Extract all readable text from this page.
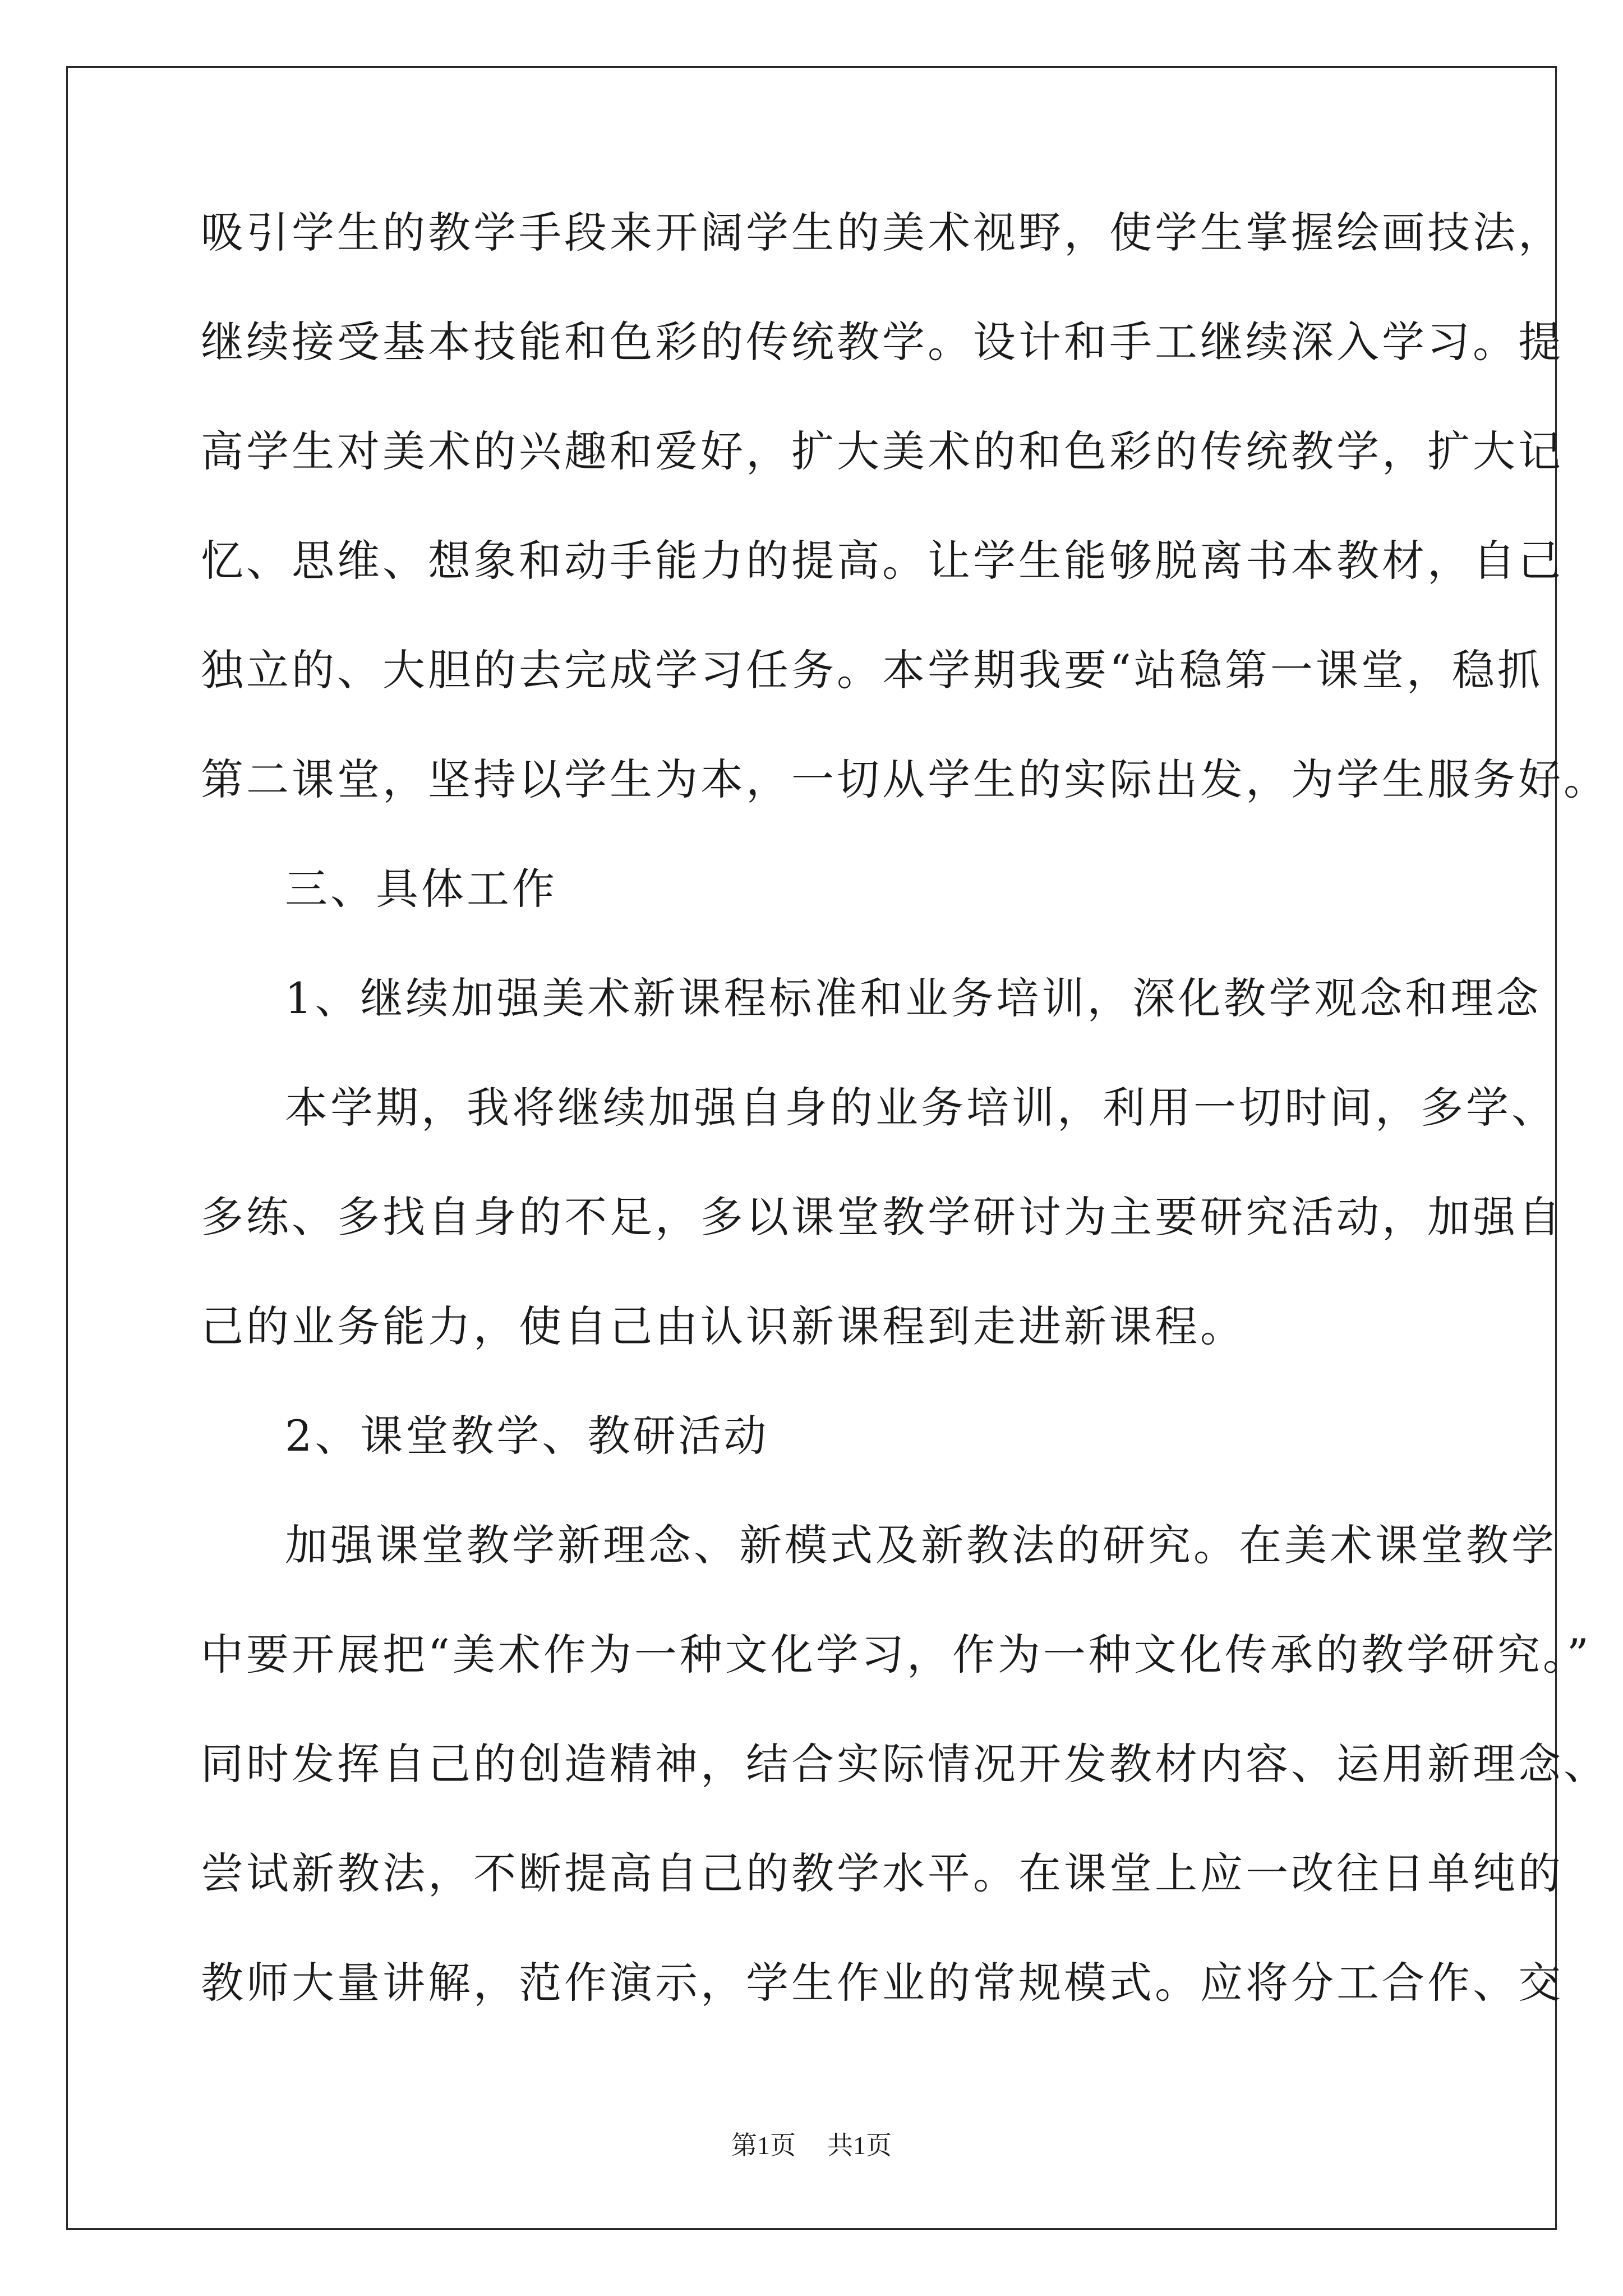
吸引学生的教学手段来开阔学生的美术视野，使学生掌握绘画技法，
继续接受基本技能和色彩的传统教学。设计和手工继续深入学习。提
高学生对美术的兴趣和爱好，扩大美术的和色彩的传统教学，扩大记
忆、思维、想象和动手能力的提高。让学生能够脱离书本教材，自己
独立的、大胆的去完成学习任务。本学期我要“站稳第一课堂，稳抓
第二课堂，坚持以学生为本，一切从学生的实际出发，为学生服务好。
三、具体工作
1、继续加强美术新课程标准和业务培训，深化教学观念和理念
本学期，我将继续加强自身的业务培训，利用一切时间，多学、
多练、多找自身的不足，多以课堂教学研讨为主要研究活动，加强自
己的业务能力，使自己由认识新课程到走进新课程。
2、课堂教学、教研活动
加强课堂教学新理念、新模式及新教法的研究。在美术课堂教学
中要开展把“美术作为一种文化学习，作为一种文化传承的教学研究。”
同时发挥自己的创造精神，结合实际情况开发教材内容、运用新理念、
尝试新教法，不断提高自己的教学水平。在课堂上应一改往日单纯的
教师大量讲解，范作演示，学生作业的常规模式。应将分工合作、交
第1页 共1页
